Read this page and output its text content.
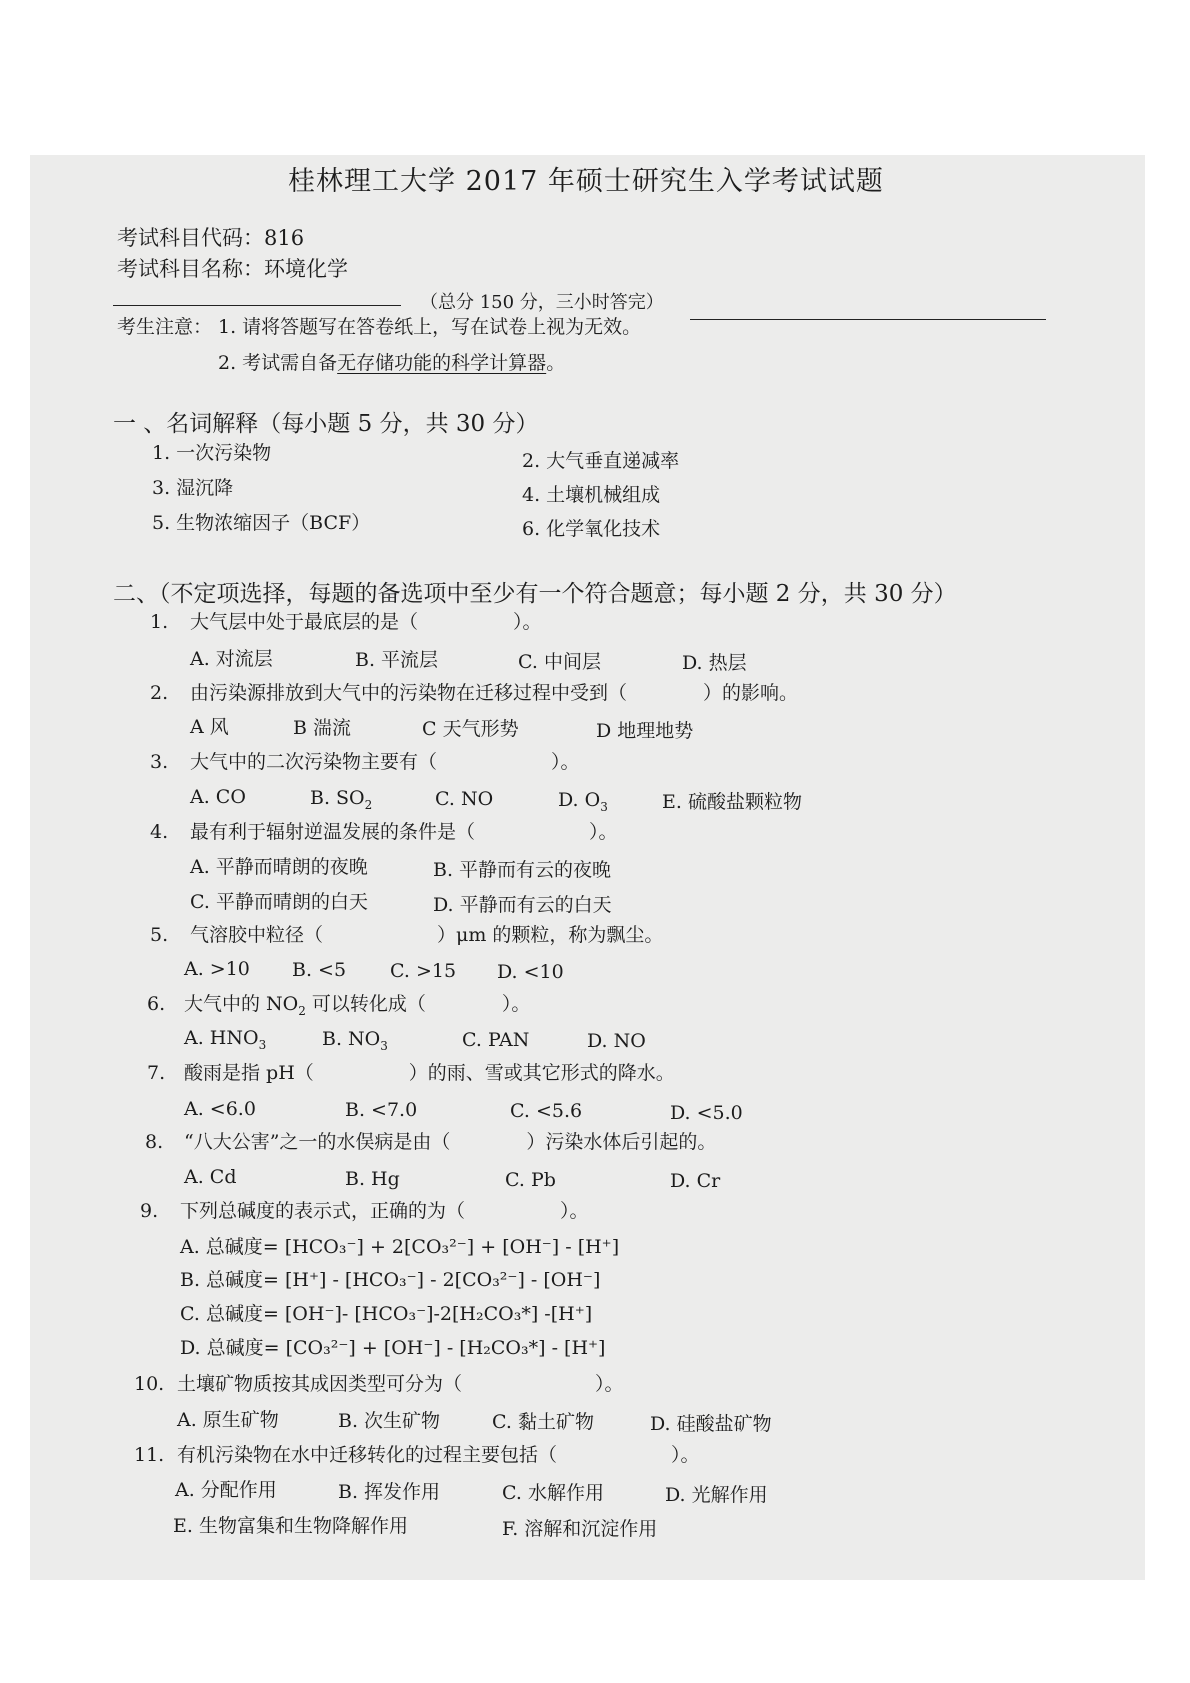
桂林理工大学 2017 年硕士研究生入学考试试题
考试科目代码：816
考试科目名称：环境化学
（总分 150 分，三小时答完）
考生注意： 1. 请将答题写在答卷纸上，写在试卷上视为无效。
2. 考试需自备无存储功能的科学计算器。
一 、名词解释（每小题 5 分，共 30 分）
1. 一次污染物	2. 大气垂直递减率
3. 湿沉降	4. 土壤机械组成
5. 生物浓缩因子（BCF）	6. 化学氧化技术
二、（不定项选择，每题的备选项中至少有一个符合题意；每小题 2 分，共 30 分）
1. 大气层中处于最底层的是（　　　　　）。
A. 对流层	B. 平流层	C. 中间层	D. 热层
2. 由污染源排放到大气中的污染物在迁移过程中受到（　　　　）的影响。
A 风	B 湍流	C 天气形势	D 地理地势
3. 大气中的二次污染物主要有（　　　　　　）。
A. CO	B. $SO_2$	C. NO	D. $O_3$	E. 硫酸盐颗粒物
4. 最有利于辐射逆温发展的条件是（　　　　　　）。
A. 平静而晴朗的夜晚	B. 平静而有云的夜晚
C. 平静而晴朗的白天	D. 平静而有云的白天
5. 气溶胶中粒径（　　　　　　）μm 的颗粒，称为飘尘。
A. >10 B. <5 C. >15 D. <10
6. 大气中的 $NO_2$ 可以转化成（　　　　）。
A. $HNO_3$	B. $NO_3$	C. PAN	D. NO
7. 酸雨是指 pH（　　　　　）的雨、雪或其它形式的降水。
A. <6.0	B. <7.0	C. <5.6	D. <5.0
8. “八大公害”之一的水俣病是由（　　　　）污染水体后引起的。
A. Cd	B. Hg	C. Pb	D. Cr
9. 下列总碱度的表示式，正确的为（　　　　　）。
A. 总碱度= [HCO₃⁻] + 2[CO₃²⁻] + [OH⁻] - [H⁺]
B. 总碱度= [H⁺] - [HCO₃⁻] - 2[CO₃²⁻] - [OH⁻]
C. 总碱度= [OH⁻]- [HCO₃⁻]-2[H₂CO₃*] -[H⁺]
D. 总碱度= [CO₃²⁻] + [OH⁻] - [H₂CO₃*] - [H⁺]
10. 土壤矿物质按其成因类型可分为（　　　　　　　）。
A. 原生矿物	B. 次生矿物	C. 黏土矿物	D. 硅酸盐矿物
11. 有机污染物在水中迁移转化的过程主要包括（　　　　　　）。
A. 分配作用	B. 挥发作用	C. 水解作用	D. 光解作用
E. 生物富集和生物降解作用	F. 溶解和沉淀作用
